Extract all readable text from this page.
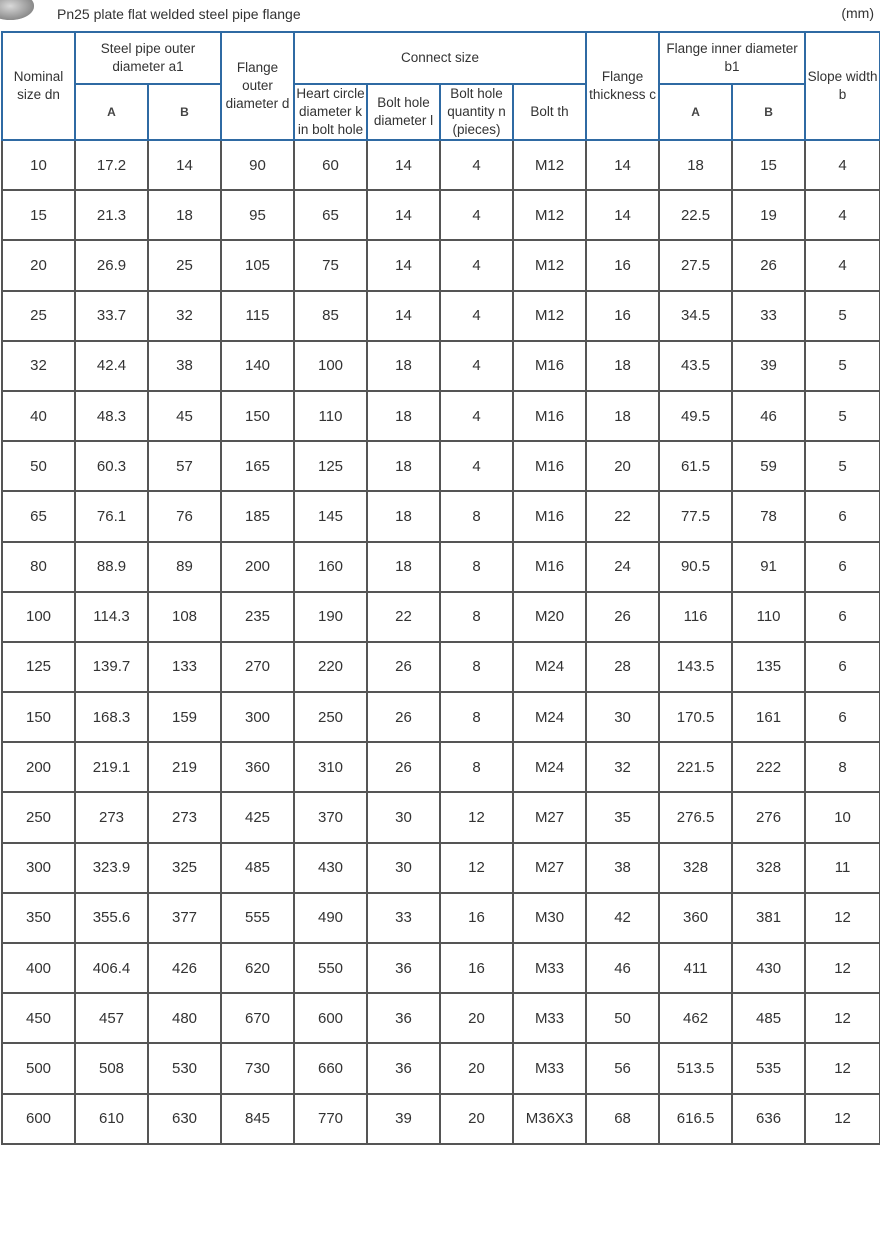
Pn25 plate flat welded steel pipe flange	(mm)
Nominal size dn	Steel pipe outer diameter a1		Flange outer diameter d	Connect size				Flange thickness c	Flange inner diameter b1		Slope width b
				Heart circle diameter k in bolt hole	Bolt hole diameter l	Bolt hole quantity n (pieces)	Bolt th				
	A	B							A	B	
10	17.2	14	90	60	14	4	M12	14	18	15	4
15	21.3	18	95	65	14	4	M12	14	22.5	19	4
20	26.9	25	105	75	14	4	M12	16	27.5	26	4
25	33.7	32	115	85	14	4	M12	16	34.5	33	5
32	42.4	38	140	100	18	4	M16	18	43.5	39	5
40	48.3	45	150	110	18	4	M16	18	49.5	46	5
50	60.3	57	165	125	18	4	M16	20	61.5	59	5
65	76.1	76	185	145	18	8	M16	22	77.5	78	6
80	88.9	89	200	160	18	8	M16	24	90.5	91	6
100	114.3	108	235	190	22	8	M20	26	116	110	6
125	139.7	133	270	220	26	8	M24	28	143.5	135	6
150	168.3	159	300	250	26	8	M24	30	170.5	161	6
200	219.1	219	360	310	26	8	M24	32	221.5	222	8
250	273	273	425	370	30	12	M27	35	276.5	276	10
300	323.9	325	485	430	30	12	M27	38	328	328	11
350	355.6	377	555	490	33	16	M30	42	360	381	12
400	406.4	426	620	550	36	16	M33	46	411	430	12
450	457	480	670	600	36	20	M33	50	462	485	12
500	508	530	730	660	36	20	M33	56	513.5	535	12
600	610	630	845	770	39	20	M36X3	68	616.5	636	12
